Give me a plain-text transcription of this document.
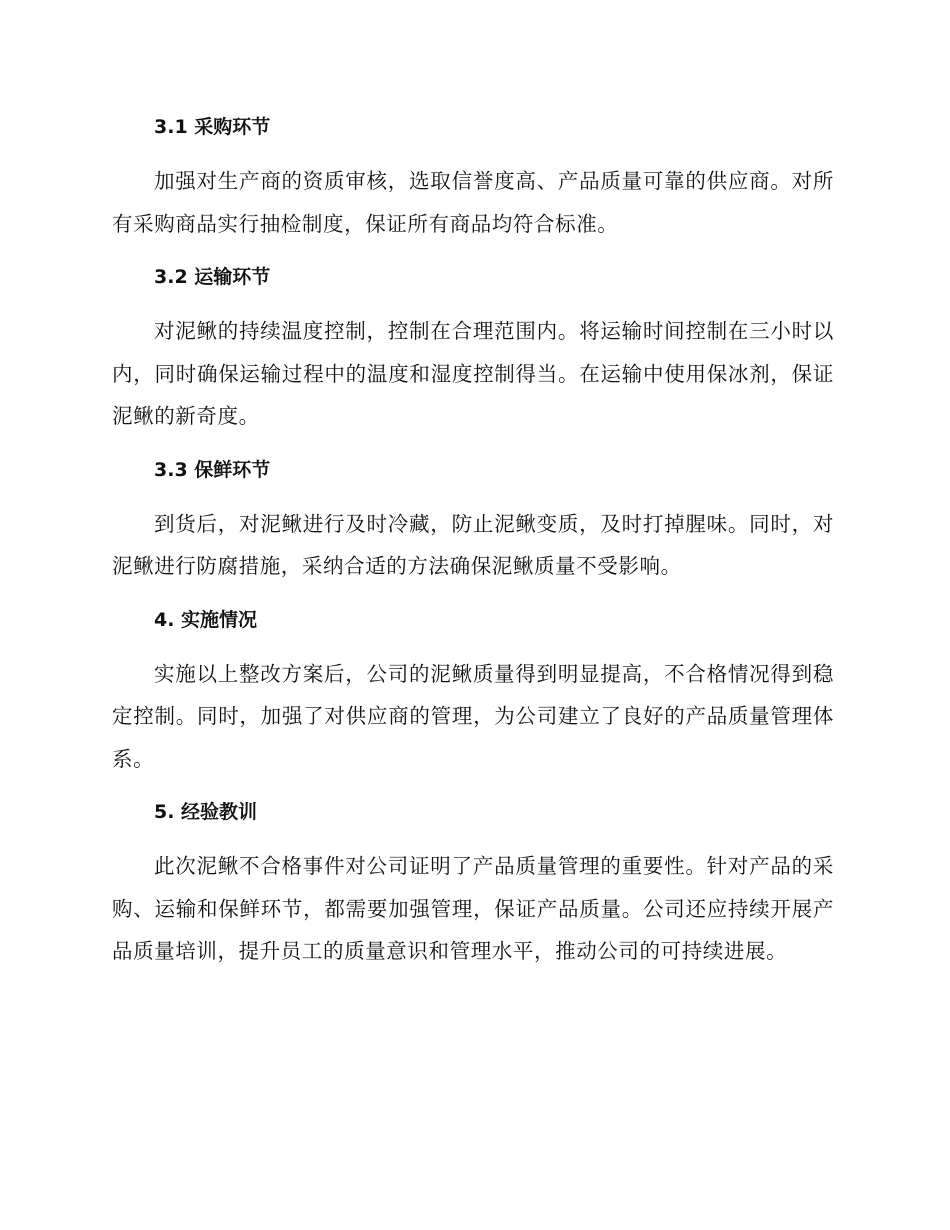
3.1 采购环节

加强对生产商的资质审核，选取信誉度高、产品质量可靠的供应商。对所有采购商品实行抽检制度，保证所有商品均符合标准。

3.2 运输环节

对泥鳅的持续温度控制，控制在合理范围内。将运输时间控制在三小时以内，同时确保运输过程中的温度和湿度控制得当。在运输中使用保冰剂，保证泥鳅的新奇度。

3.3 保鲜环节

到货后，对泥鳅进行及时冷藏，防止泥鳅变质，及时打掉腥味。同时，对泥鳅进行防腐措施，采纳合适的方法确保泥鳅质量不受影响。

4. 实施情况

实施以上整改方案后，公司的泥鳅质量得到明显提高，不合格情况得到稳定控制。同时，加强了对供应商的管理，为公司建立了良好的产品质量管理体系。

5. 经验教训

此次泥鳅不合格事件对公司证明了产品质量管理的重要性。针对产品的采购、运输和保鲜环节，都需要加强管理，保证产品质量。公司还应持续开展产品质量培训，提升员工的质量意识和管理水平，推动公司的可持续进展。
